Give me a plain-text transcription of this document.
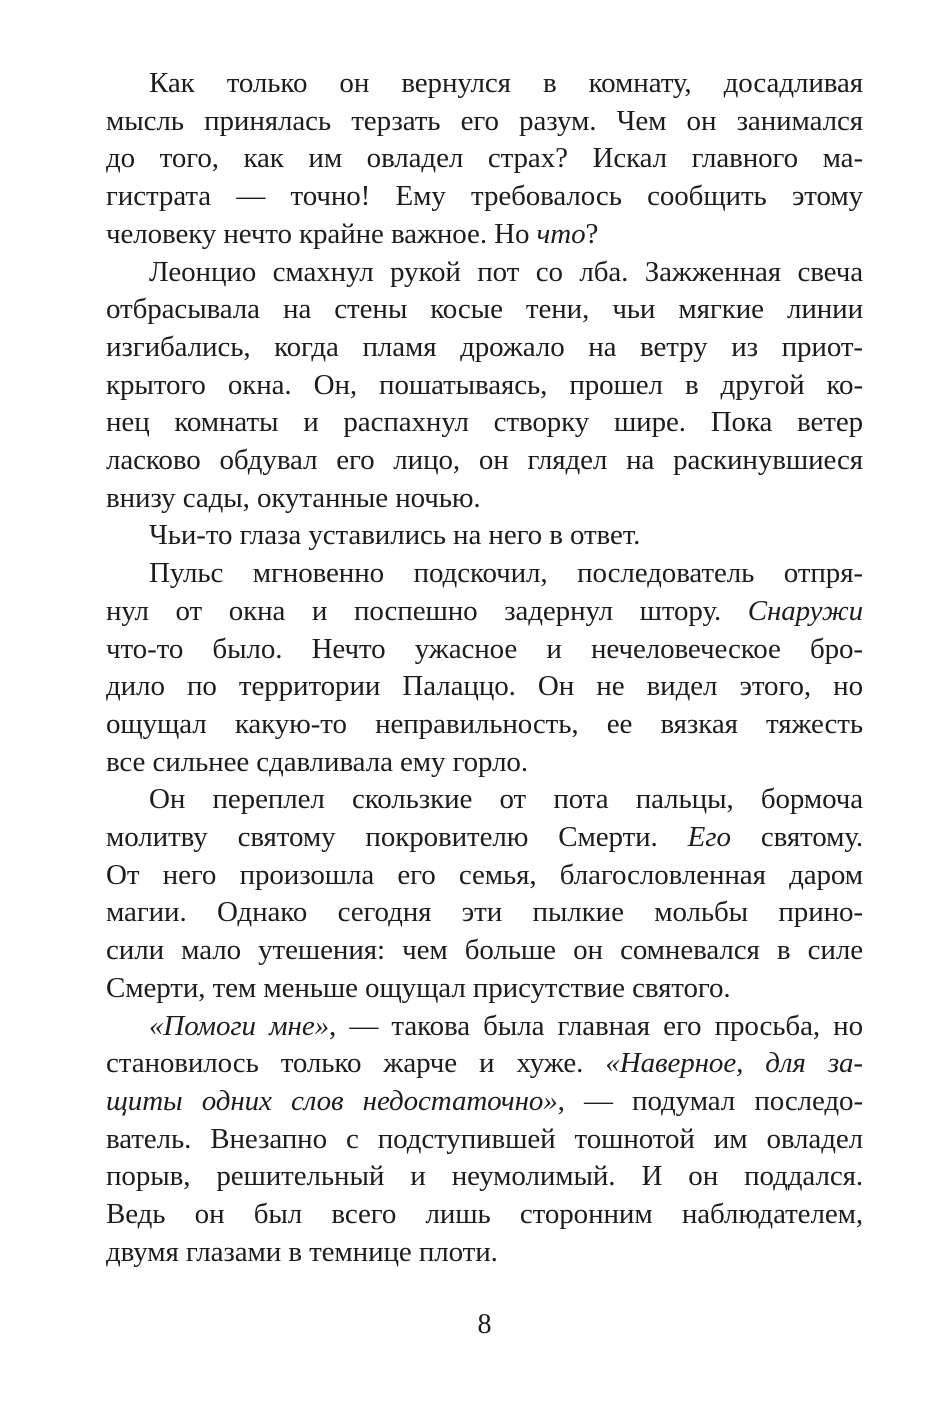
Как только он вернулся в комнату, досадливая
мысль принялась терзать его разум. Чем он занимался
до того, как им овладел страх? Искал главного ма-
гистрата — точно! Ему требовалось сообщить этому
человеку нечто крайне важное. Но что?
Леонцио смахнул рукой пот со лба. Зажженная свеча
отбрасывала на стены косые тени, чьи мягкие линии
изгибались, когда пламя дрожало на ветру из приот-
крытого окна. Он, пошатываясь, прошел в другой ко-
нец комнаты и распахнул створку шире. Пока ветер
ласково обдувал его лицо, он глядел на раскинувшиеся
внизу сады, окутанные ночью.
Чьи-то глаза уставились на него в ответ.
Пульс мгновенно подскочил, последователь отпря-
нул от окна и поспешно задернул штору. Снаружи
что-то было. Нечто ужасное и нечеловеческое бро-
дило по территории Палаццо. Он не видел этого, но
ощущал какую-то неправильность, ее вязкая тяжесть
все сильнее сдавливала ему горло.
Он переплел скользкие от пота пальцы, бормоча
молитву святому покровителю Смерти. Его святому.
От него произошла его семья, благословленная даром
магии. Однако сегодня эти пылкие мольбы прино-
сили мало утешения: чем больше он сомневался в силе
Смерти, тем меньше ощущал присутствие святого.
«Помоги мне», — такова была главная его просьба, но
становилось только жарче и хуже. «Наверное, для за-
щиты одних слов недостаточно», — подумал последо-
ватель. Внезапно с подступившей тошнотой им овладел
порыв, решительный и неумолимый. И он поддался.
Ведь он был всего лишь сторонним наблюдателем,
двумя глазами в темнице плоти.
8
